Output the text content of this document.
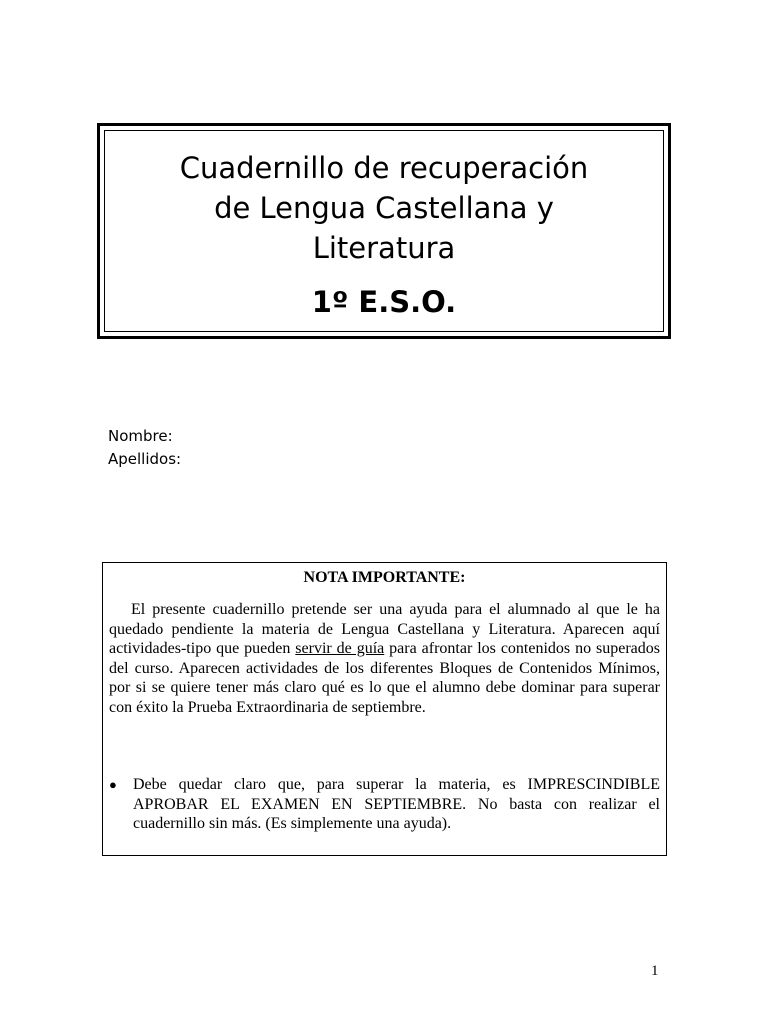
Cuadernillo de recuperación
de Lengua Castellana y
Literatura
1º E.S.O.
Nombre:
Apellidos:
NOTA IMPORTANTE:

El presente cuadernillo pretende ser una ayuda para el alumnado al que le ha quedado pendiente la materia de Lengua Castellana y Literatura. Aparecen aquí actividades-tipo que pueden servir de guía para afrontar los contenidos no superados del curso. Aparecen actividades de los diferentes Bloques de Contenidos Mínimos, por si se quiere tener más claro qué es lo que el alumno debe dominar para superar con éxito la Prueba Extraordinaria de septiembre.

● Debe quedar claro que, para superar la materia, es IMPRESCINDIBLE APROBAR EL EXAMEN EN SEPTIEMBRE. No basta con realizar el cuadernillo sin más. (Es simplemente una ayuda).
1
